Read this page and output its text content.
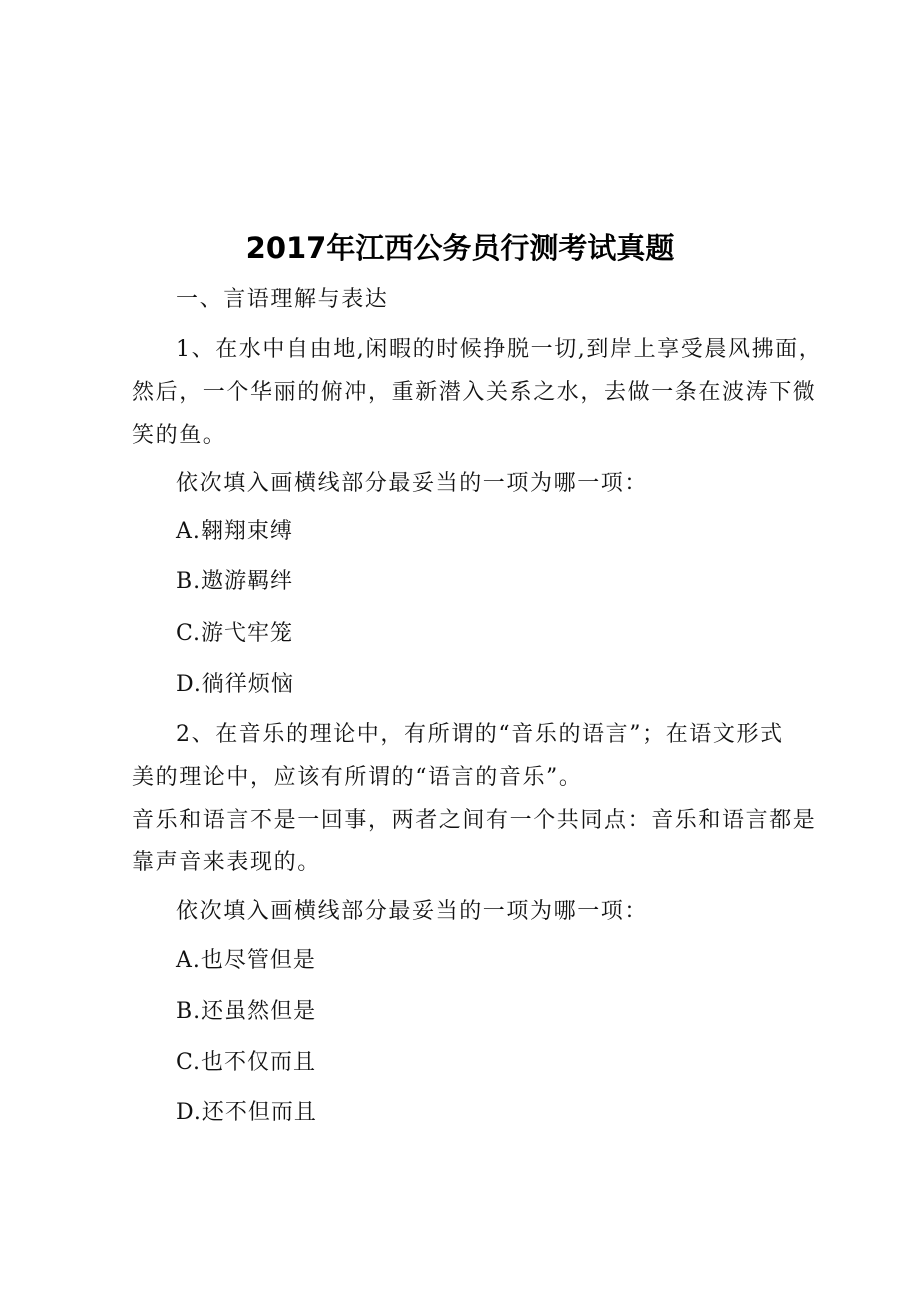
2017年江西公务员行测考试真题
一、言语理解与表达
1、在水中自由地,闲暇的时候挣脱一切,到岸上享受晨风拂面，
然后，一个华丽的俯冲，重新潜入关系之水，去做一条在波涛下微
笑的鱼。
依次填入画横线部分最妥当的一项为哪一项：
A.翱翔束缚
B.遨游羁绊
C.游弋牢笼
D.徜徉烦恼
2、在音乐的理论中，有所谓的“音乐的语言”；在语文形式
美的理论中，应该有所谓的“语言的音乐”。
音乐和语言不是一回事，两者之间有一个共同点：音乐和语言都是
靠声音来表现的。
依次填入画横线部分最妥当的一项为哪一项：
A.也尽管但是
B.还虽然但是
C.也不仅而且
D.还不但而且
